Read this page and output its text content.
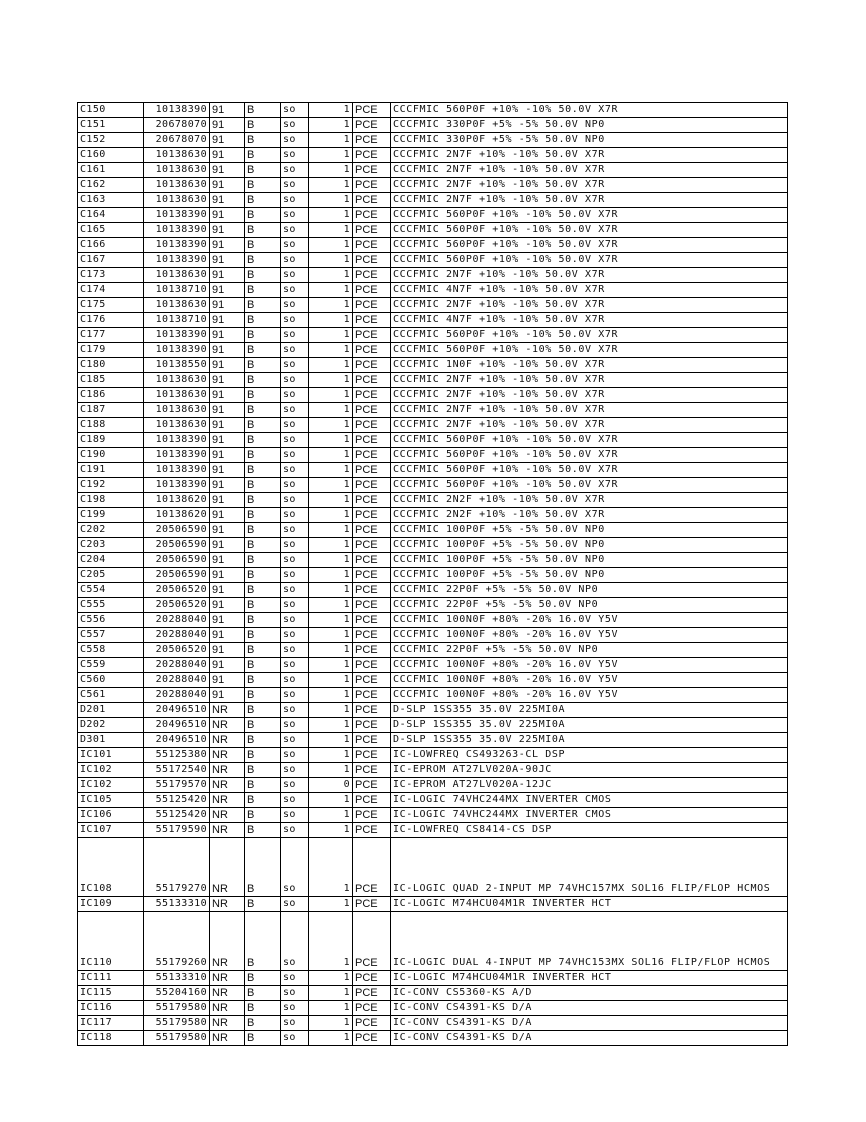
C150	10138390	91	B	so	1	PCE	CCCFMIC 560P0F +10% -10% 50.0V X7R
C151	20678070	91	B	so	1	PCE	CCCFMIC 330P0F +5% -5% 50.0V NP0
C152	20678070	91	B	so	1	PCE	CCCFMIC 330P0F +5% -5% 50.0V NP0
C160	10138630	91	B	so	1	PCE	CCCFMIC 2N7F +10% -10% 50.0V X7R
C161	10138630	91	B	so	1	PCE	CCCFMIC 2N7F +10% -10% 50.0V X7R
C162	10138630	91	B	so	1	PCE	CCCFMIC 2N7F +10% -10% 50.0V X7R
C163	10138630	91	B	so	1	PCE	CCCFMIC 2N7F +10% -10% 50.0V X7R
C164	10138390	91	B	so	1	PCE	CCCFMIC 560P0F +10% -10% 50.0V X7R
C165	10138390	91	B	so	1	PCE	CCCFMIC 560P0F +10% -10% 50.0V X7R
C166	10138390	91	B	so	1	PCE	CCCFMIC 560P0F +10% -10% 50.0V X7R
C167	10138390	91	B	so	1	PCE	CCCFMIC 560P0F +10% -10% 50.0V X7R
C173	10138630	91	B	so	1	PCE	CCCFMIC 2N7F +10% -10% 50.0V X7R
C174	10138710	91	B	so	1	PCE	CCCFMIC 4N7F +10% -10% 50.0V X7R
C175	10138630	91	B	so	1	PCE	CCCFMIC 2N7F +10% -10% 50.0V X7R
C176	10138710	91	B	so	1	PCE	CCCFMIC 4N7F +10% -10% 50.0V X7R
C177	10138390	91	B	so	1	PCE	CCCFMIC 560P0F +10% -10% 50.0V X7R
C179	10138390	91	B	so	1	PCE	CCCFMIC 560P0F +10% -10% 50.0V X7R
C180	10138550	91	B	so	1	PCE	CCCFMIC 1N0F +10% -10% 50.0V X7R
C185	10138630	91	B	so	1	PCE	CCCFMIC 2N7F +10% -10% 50.0V X7R
C186	10138630	91	B	so	1	PCE	CCCFMIC 2N7F +10% -10% 50.0V X7R
C187	10138630	91	B	so	1	PCE	CCCFMIC 2N7F +10% -10% 50.0V X7R
C188	10138630	91	B	so	1	PCE	CCCFMIC 2N7F +10% -10% 50.0V X7R
C189	10138390	91	B	so	1	PCE	CCCFMIC 560P0F +10% -10% 50.0V X7R
C190	10138390	91	B	so	1	PCE	CCCFMIC 560P0F +10% -10% 50.0V X7R
C191	10138390	91	B	so	1	PCE	CCCFMIC 560P0F +10% -10% 50.0V X7R
C192	10138390	91	B	so	1	PCE	CCCFMIC 560P0F +10% -10% 50.0V X7R
C198	10138620	91	B	so	1	PCE	CCCFMIC 2N2F +10% -10% 50.0V X7R
C199	10138620	91	B	so	1	PCE	CCCFMIC 2N2F +10% -10% 50.0V X7R
C202	20506590	91	B	so	1	PCE	CCCFMIC 100P0F +5% -5% 50.0V NP0
C203	20506590	91	B	so	1	PCE	CCCFMIC 100P0F +5% -5% 50.0V NP0
C204	20506590	91	B	so	1	PCE	CCCFMIC 100P0F +5% -5% 50.0V NP0
C205	20506590	91	B	so	1	PCE	CCCFMIC 100P0F +5% -5% 50.0V NP0
C554	20506520	91	B	so	1	PCE	CCCFMIC 22P0F +5% -5% 50.0V NP0
C555	20506520	91	B	so	1	PCE	CCCFMIC 22P0F +5% -5% 50.0V NP0
C556	20288040	91	B	so	1	PCE	CCCFMIC 100N0F +80% -20% 16.0V Y5V
C557	20288040	91	B	so	1	PCE	CCCFMIC 100N0F +80% -20% 16.0V Y5V
C558	20506520	91	B	so	1	PCE	CCCFMIC 22P0F +5% -5% 50.0V NP0
C559	20288040	91	B	so	1	PCE	CCCFMIC 100N0F +80% -20% 16.0V Y5V
C560	20288040	91	B	so	1	PCE	CCCFMIC 100N0F +80% -20% 16.0V Y5V
C561	20288040	91	B	so	1	PCE	CCCFMIC 100N0F +80% -20% 16.0V Y5V
D201	20496510	NR	B	so	1	PCE	D-SLP 1SS355 35.0V 225MI0A
D202	20496510	NR	B	so	1	PCE	D-SLP 1SS355 35.0V 225MI0A
D301	20496510	NR	B	so	1	PCE	D-SLP 1SS355 35.0V 225MI0A
IC101	55125380	NR	B	so	1	PCE	IC-LOWFREQ CS493263-CL DSP
IC102	55172540	NR	B	so	1	PCE	IC-EPROM AT27LV020A-90JC
IC102	55179570	NR	B	so	0	PCE	IC-EPROM AT27LV020A-12JC
IC105	55125420	NR	B	so	1	PCE	IC-LOGIC 74VHC244MX INVERTER CMOS
IC106	55125420	NR	B	so	1	PCE	IC-LOGIC 74VHC244MX INVERTER CMOS
IC107	55179590	NR	B	so	1	PCE	IC-LOWFREQ CS8414-CS DSP
IC108	55179270	NR	B	so	1	PCE	IC-LOGIC QUAD 2-INPUT MP 74VHC157MX SOL16 FLIP/FLOP HCMOS
IC109	55133310	NR	B	so	1	PCE	IC-LOGIC M74HCU04M1R INVERTER HCT
IC110	55179260	NR	B	so	1	PCE	IC-LOGIC DUAL 4-INPUT MP 74VHC153MX SOL16 FLIP/FLOP HCMOS
IC111	55133310	NR	B	so	1	PCE	IC-LOGIC M74HCU04M1R INVERTER HCT
IC115	55204160	NR	B	so	1	PCE	IC-CONV CS5360-KS A/D
IC116	55179580	NR	B	so	1	PCE	IC-CONV CS4391-KS D/A
IC117	55179580	NR	B	so	1	PCE	IC-CONV CS4391-KS D/A
IC118	55179580	NR	B	so	1	PCE	IC-CONV CS4391-KS D/A
